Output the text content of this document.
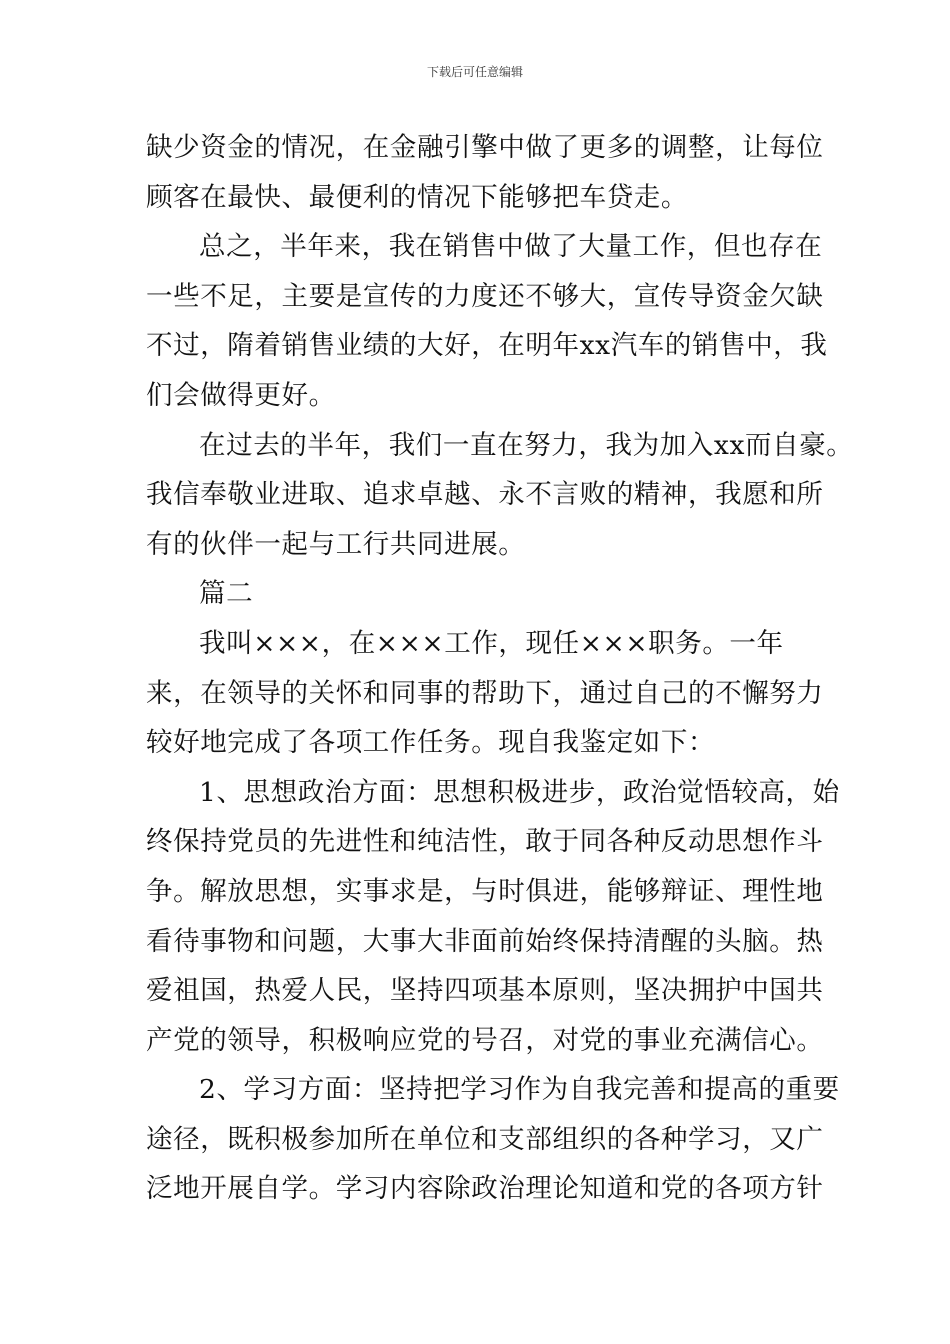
下载后可任意编辑
缺少资金的情况，在金融引擎中做了更多的调整，让每位
顾客在最快、最便利的情况下能够把车贷走。
总之，半年来，我在销售中做了大量工作，但也存在
一些不足，主要是宣传的力度还不够大，宣传导资金欠缺
不过，隋着销售业绩的大好，在明年xx汽车的销售中，我
们会做得更好。
在过去的半年，我们一直在努力，我为加入xx而自豪。
我信奉敬业进取、追求卓越、永不言败的精神，我愿和所
有的伙伴一起与工行共同进展。
篇二
我叫×××，在×××工作，现任×××职务。一年
来，在领导的关怀和同事的帮助下，通过自己的不懈努力
较好地完成了各项工作任务。现自我鉴定如下：
1、思想政治方面：思想积极进步，政治觉悟较高，始
终保持党员的先进性和纯洁性，敢于同各种反动思想作斗
争。解放思想，实事求是，与时俱进，能够辩证、理性地
看待事物和问题，大事大非面前始终保持清醒的头脑。热
爱祖国，热爱人民，坚持四项基本原则，坚决拥护中国共
产党的领导，积极响应党的号召，对党的事业充满信心。
2、学习方面：坚持把学习作为自我完善和提高的重要
途径，既积极参加所在单位和支部组织的各种学习，又广
泛地开展自学。学习内容除政治理论知道和党的各项方针
